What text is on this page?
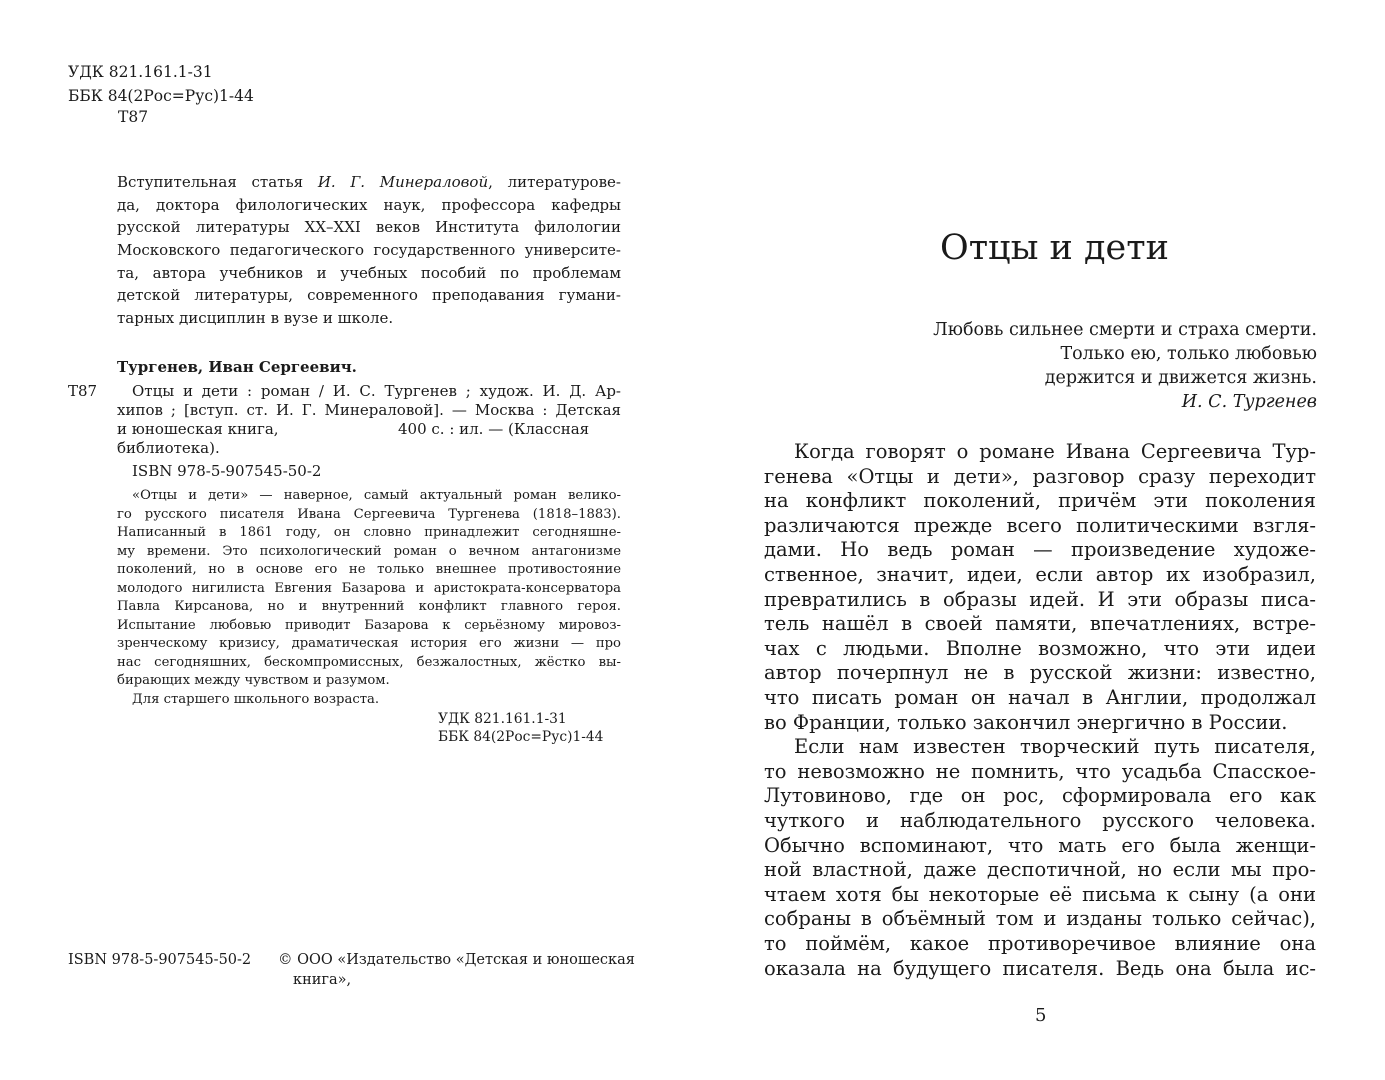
УДК 821.161.1-31
ББК 84(2Рос=Рус)1-44
Т87

Вступительная статья И. Г. Минераловой, литературове-

да, доктора филологических наук, профессора кафедры

русской литературы XX–XXI веков Института филологии

Московского педагогического государственного университе-

та, автора учебников и учебных пособий по проблемам

детской литературы, современного преподавания гумани-

тарных дисциплин в вузе и школе.

Тургенев, Иван Сергеевич.
Т87 Отцы и дети : роман / И. С. Тургенев ; худож. И. Д. Ар-
хипов ; [вступ. ст. И. Г. Минераловой]. — Москва : Детская
и юношеская книга,	400 с. : ил. — (Классная
библиотека).
ISBN 978-5-907545-50-2

«Отцы и дети» — наверное, самый актуальный роман велико-

го русского писателя Ивана Сергеевича Тургенева (1818–1883).

Написанный в 1861 году, он словно принадлежит сегодняшне-

му времени. Это психологический роман о вечном антагонизме

поколений, но в основе его не только внешнее противостояние

молодого нигилиста Евгения Базарова и аристократа-консерватора

Павла Кирсанова, но и внутренний конфликт главного героя.

Испытание любовью приводит Базарова к серьёзному мировоз-

зренческому кризису, драматическая история его жизни — про

нас сегодняшних, бескомпромиссных, безжалостных, жёстко вы-

бирающих между чувством и разумом.

Для старшего школьного возраста.

УДК 821.161.1-31

ББК 84(2Рос=Рус)1-44

ISBN 978-5-907545-50-2 © ООО «Издательство «Детская и юношеская
книга»,
Отцы и дети
Любовь сильнее смерти и страха смерти.
Только ею, только любовью
держится и движется жизнь.
И. С. Тургенев

Когда говорят о романе Ивана Сергеевича Тур-

генева «Отцы и дети», разговор сразу переходит

на конфликт поколений, причём эти поколения

различаются прежде всего политическими взгля-

дами. Но ведь роман — произведение художе-

ственное, значит, идеи, если автор их изобразил,

превратились в образы идей. И эти образы писа-

тель нашёл в своей памяти, впечатлениях, встре-

чах с людьми. Вполне возможно, что эти идеи

автор почерпнул не в русской жизни: известно,

что писать роман он начал в Англии, продолжал

во Франции, только закончил энергично в России.

Если нам известен творческий путь писателя,

то невозможно не помнить, что усадьба Спасское-

Лутовиново, где он рос, сформировала его как

чуткого и наблюдательного русского человека.

Обычно вспоминают, что мать его была женщи-

ной властной, даже деспотичной, но если мы про-

чтаем хотя бы некоторые её письма к сыну (а они

собраны в объёмный том и изданы только сейчас),

то поймём, какое противоречивое влияние она

оказала на будущего писателя. Ведь она была ис-

5
